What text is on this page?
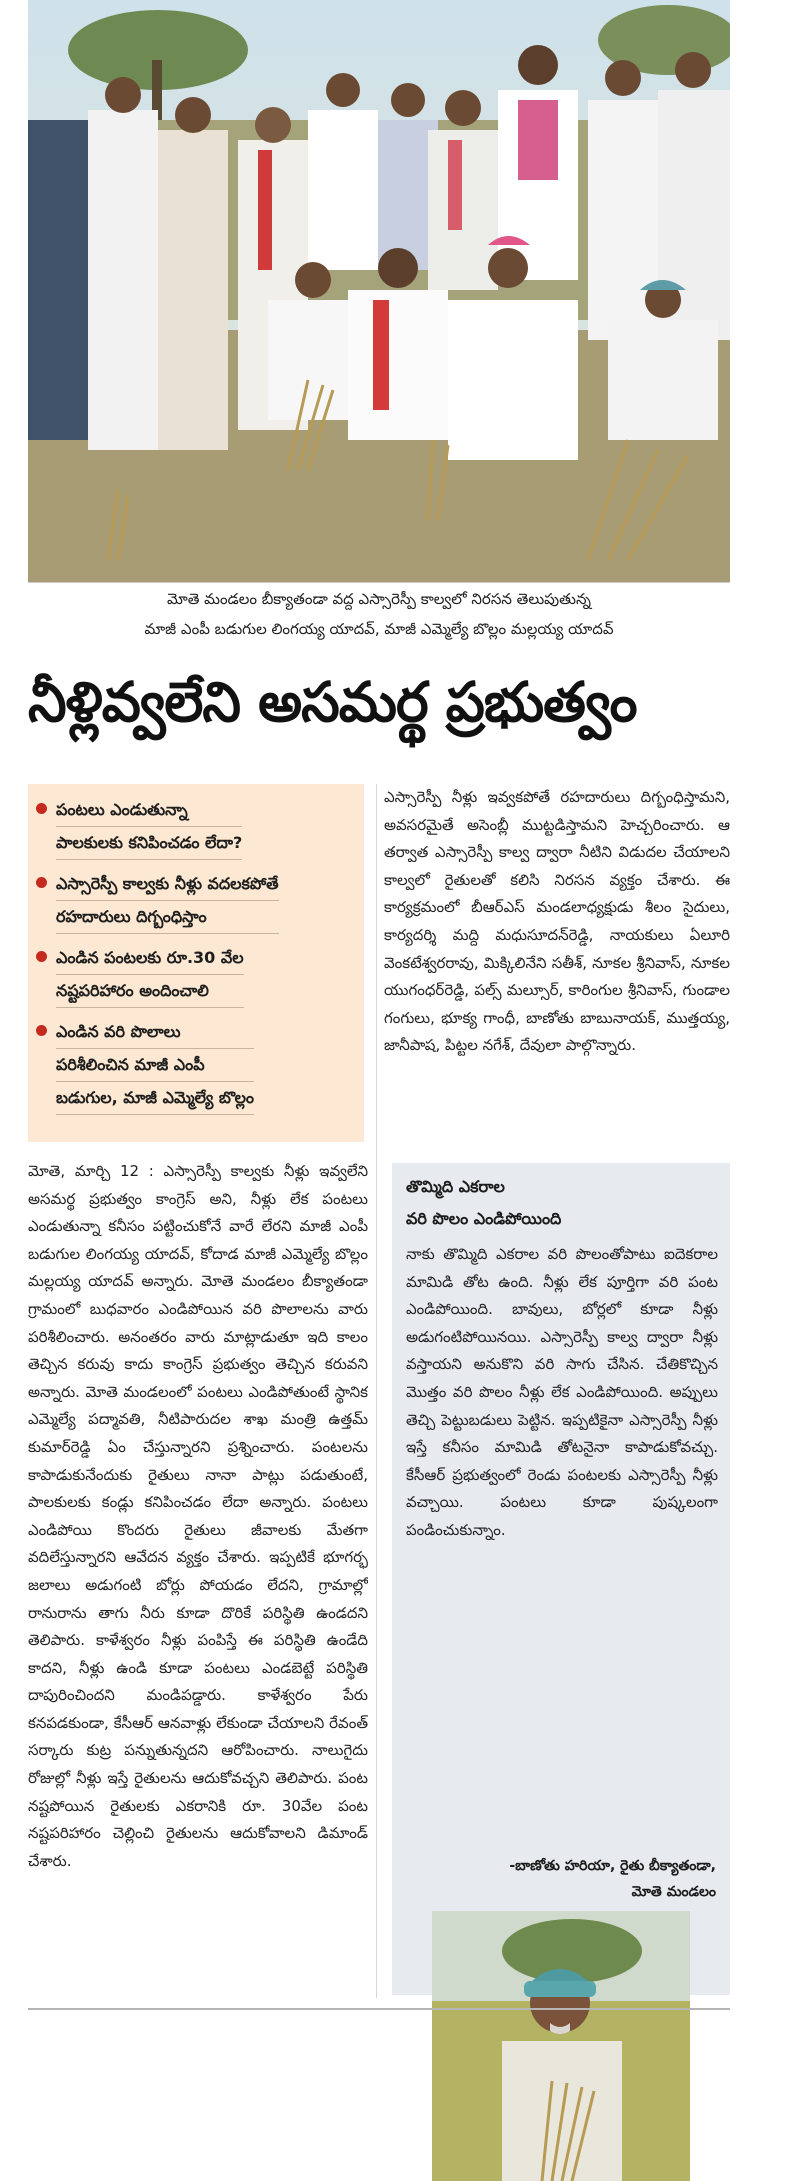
మోతె మండలం బీక్యాతండా వద్ద ఎస్సారెస్పీ కాల్వలో నిరసన తెలుపుతున్న
మాజీ ఎంపీ బడుగుల లింగయ్య యాదవ్, మాజీ ఎమ్మెల్యే బొల్లం మల్లయ్య యాదవ్
నీళ్లివ్వలేని అసమర్థ ప్రభుత్వం
పంటలు ఎండుతున్నా
పాలకులకు కనిపించడం లేదా?
ఎస్సారెస్పీ కాల్వకు నీళ్లు వదలకపోతే
రహదారులు దిగ్బంధిస్తాం
ఎండిన పంటలకు రూ.30 వేల
నష్టపరిహారం అందించాలి
ఎండిన వరి పొలాలు
పరిశీలించిన మాజీ ఎంపీ
బడుగుల, మాజీ ఎమ్మెల్యే బొల్లం

ఎస్సారెస్పీ నీళ్లు ఇవ్వకపోతే రహదారులు దిగ్బంధిస్తామని, అవసరమైతే అసెంబ్లీ ముట్టడిస్తామని హెచ్చరించారు. ఆ తర్వాత ఎస్సారెస్పీ కాల్వ ద్వారా నీటిని విడుదల చేయాలని కాల్వలో రైతులతో కలిసి నిరసన వ్యక్తం చేశారు. ఈ కార్యక్రమంలో బీఆర్ఎస్ మండలాధ్యక్షుడు శీలం సైదులు, కార్యదర్శి మద్ది మధుసూదన్‌రెడ్డి, నాయకులు ఏలూరి వెంకటేశ్వరరావు, మిక్కిలినేని సతీశ్, నూకల శ్రీనివాస్, నూకల యుగంధర్‌రెడ్డి, పల్స్ మల్సూర్, కారింగుల శ్రీనివాస్, గుండాల గంగులు, భూక్య గాంధీ, బాణోతు బాబునాయక్, ముత్తయ్య, జానీపాష, పిట్టల నగేశ్, దేవులా పాల్గొన్నారు.

మోతె, మార్చి 12 : ఎస్సారెస్పీ కాల్వకు నీళ్లు ఇవ్వలేని అసమర్థ ప్రభుత్వం కాంగ్రెస్ అని, నీళ్లు లేక పంటలు ఎండుతున్నా కనీసం పట్టించుకోనే వారే లేరని మాజీ ఎంపీ బడుగుల లింగయ్య యాదవ్, కోదాడ మాజీ ఎమ్మెల్యే బొల్లం మల్లయ్య యాదవ్ అన్నారు. మోతె మండలం బీక్యాతండా గ్రామంలో బుధవారం ఎండిపోయిన వరి పొలాలను వారు పరిశీలించారు. అనంతరం వారు మాట్లాడుతూ ఇది కాలం తెచ్చిన కరువు కాదు కాంగ్రెస్ ప్రభుత్వం తెచ్చిన కరువని అన్నారు. మోతె మండలంలో పంటలు ఎండిపోతుంటే స్థానిక ఎమ్మెల్యే పద్మావతి, నీటిపారుదల శాఖ మంత్రి ఉత్తమ్ కుమార్‌రెడ్డి ఏం చేస్తున్నారని ప్రశ్నించారు. పంటలను కాపాడుకునేందుకు రైతులు నానా పాట్లు పడుతుంటే, పాలకులకు కండ్లు కనిపించడం లేదా అన్నారు. పంటలు ఎండిపోయి కొందరు రైతులు జీవాలకు మేతగా వదిలేస్తున్నారని ఆవేదన వ్యక్తం చేశారు. ఇప్పటికే భూగర్భ జలాలు అడుగంటి బోర్లు పోయడం లేదని, గ్రామాల్లో రానురాను తాగు నీరు కూడా దొరికే పరిస్థితి ఉండదని తెలిపారు. కాళేశ్వరం నీళ్లు పంపిస్తే ఈ పరిస్థితి ఉండేది కాదని, నీళ్లు ఉండి కూడా పంటలు ఎండబెట్టే పరిస్థితి దాపురించిందని మండిపడ్డారు. కాళేశ్వరం పేరు కనపడకుండా, కేసీఆర్ ఆనవాళ్లు లేకుండా చేయాలని రేవంత్ సర్కారు కుట్ర పన్నుతున్నదని ఆరోపించారు. నాలుగైదు రోజుల్లో నీళ్లు ఇస్తే రైతులను ఆదుకోవచ్చని తెలిపారు. పంట నష్టపోయిన రైతులకు ఎకరానికి రూ. 30వేల పంట నష్టపరిహారం చెల్లించి రైతులను ఆదుకోవాలని డిమాండ్ చేశారు.

తొమ్మిది ఎకరాల
వరి పొలం ఎండిపోయింది
నాకు తొమ్మిది ఎకరాల వరి పొలంతోపాటు ఐదెకరాల మామిడి తోట ఉంది. నీళ్లు లేక పూర్తిగా వరి పంట ఎండిపోయింది. బావులు, బోర్లలో కూడా నీళ్లు అడుగంటిపోయినయి. ఎస్సారెస్పీ కాల్వ ద్వారా నీళ్లు వస్తాయని అనుకొని వరి సాగు చేసిన. చేతికొచ్చిన మొత్తం వరి పొలం నీళ్లు లేక ఎండిపోయింది. అప్పులు తెచ్చి పెట్టుబడులు పెట్టిన. ఇప్పటికైనా ఎస్సారెస్పీ నీళ్లు ఇస్తే కనీసం మామిడి తోటనైనా కాపాడుకోవచ్చు. కేసీఆర్ ప్రభుత్వంలో రెండు పంటలకు ఎస్సారెస్పీ నీళ్లు వచ్చాయి. పంటలు కూడా పుష్కలంగా పండించుకున్నాం.
-బాణోతు హరియా, రైతు బీక్యాతండా,
మోతె మండలం
